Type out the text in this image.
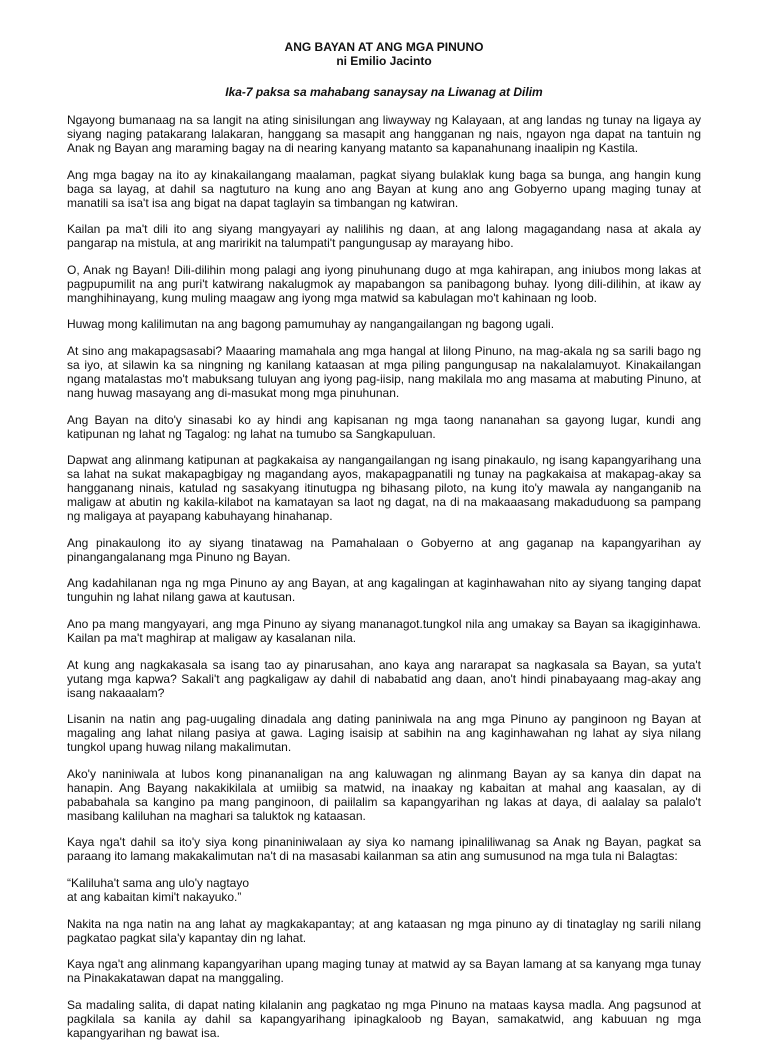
ANG BAYAN AT ANG MGA PINUNO

ni Emilio Jacinto

Ika-7 paksa sa mahabang sanaysay na Liwanag at Dilim

Ngayong bumanaag na sa langit na ating sinisilungan ang liwayway ng Kalayaan, at ang landas ng tunay na ligaya ay siyang naging patakarang lalakaran, hanggang sa masapit ang hangganan ng nais, ngayon nga dapat na tantuin ng Anak ng Bayan ang maraming bagay na di nearing kanyang matanto sa kapanahunang inaalipin ng Kastila.

Ang mga bagay na ito ay kinakailangang maalaman, pagkat siyang bulaklak kung baga sa bunga, ang hangin kung baga sa layag, at dahil sa nagtuturo na kung ano ang Bayan at kung ano ang Gobyerno upang maging tunay at manatili sa isa't isa ang bigat na dapat taglayin sa timbangan ng katwiran.

Kailan pa ma't dili ito ang siyang mangyayari ay nalilihis ng daan, at ang lalong magagandang nasa at akala ay pangarap na mistula, at ang maririkit na talumpati't pangungusap ay marayang hibo.

O, Anak ng Bayan! Dili-dilihin mong palagi ang iyong pinuhunang dugo at mga kahirapan, ang iniubos mong lakas at pagpupumilit na ang puri't katwirang nakalugmok ay mapabangon sa panibagong buhay. Iyong dili-dilihin, at ikaw ay manghihinayang, kung muling maagaw ang iyong mga matwid sa kabulagan mo't kahinaan ng loob.

Huwag mong kalilimutan na ang bagong pamumuhay ay nangangailangan ng bagong ugali.

At sino ang makapagsasabi? Maaaring mamahala ang mga hangal at lilong Pinuno, na mag-akala ng sa sarili bago ng sa iyo, at silawin ka sa ningning ng kanilang kataasan at mga piling pangungusap na nakalalamuyot. Kinakailangan ngang matalastas mo't mabuksang tuluyan ang iyong pag-iisip, nang makilala mo ang masama at mabuting Pinuno, at nang huwag masayang ang di-masukat mong mga pinuhunan.

Ang Bayan na dito'y sinasabi ko ay hindi ang kapisanan ng mga taong nananahan sa gayong lugar, kundi ang katipunan ng lahat ng Tagalog: ng lahat na tumubo sa Sangkapuluan.

Dapwat ang alinmang katipunan at pagkakaisa ay nangangailangan ng isang pinakaulo, ng isang kapangyarihang una sa lahat na sukat makapagbigay ng magandang ayos, makapagpanatili ng tunay na pagkakaisa at makapag-akay sa hangganang ninais, katulad ng sasakyang itinutugpa ng bihasang piloto, na kung ito'y mawala ay nanganganib na maligaw at abutin ng kakila-kilabot na kamatayan sa laot ng dagat, na di na makaaasang makaduduong sa pampang ng maligaya at payapang kabuhayang hinahanap.

Ang pinakaulong ito ay siyang tinatawag na Pamahalaan o Gobyerno at ang gaganap na kapangyarihan ay pinangangalanang mga Pinuno ng Bayan.

Ang kadahilanan nga ng mga Pinuno ay ang Bayan, at ang kagalingan at kaginhawahan nito ay siyang tanging dapat tunguhin ng lahat nilang gawa at kautusan.

Ano pa mang mangyayari, ang mga Pinuno ay siyang mananagot.tungkol nila ang umakay sa Bayan sa ikagiginhawa. Kailan pa ma't maghirap at maligaw ay kasalanan nila.

At kung ang nagkakasala sa isang tao ay pinarusahan, ano kaya ang nararapat sa nagkasala sa Bayan, sa yuta't yutang mga kapwa? Sakali't ang pagkaligaw ay dahil di nababatid ang daan, ano't hindi pinabayaang mag-akay ang isang nakaaalam?

Lisanin na natin ang pag-uugaling dinadala ang dating paniniwala na ang mga Pinuno ay panginoon ng Bayan at magaling ang lahat nilang pasiya at gawa. Laging isaisip at sabihin na ang kaginhawahan ng lahat ay siya nilang tungkol upang huwag nilang makalimutan.

Ako'y naniniwala at lubos kong pinananaligan na ang kaluwagan ng alinmang Bayan ay sa kanya din dapat na hanapin. Ang Bayang nakakikilala at umiibig sa matwid, na inaakay ng kabaitan at mahal ang kaasalan, ay di pababahala sa kangino pa mang panginoon, di paiilalim sa kapangyarihan ng lakas at daya, di aalalay sa palalo't masibang kaliluhan na maghari sa taluktok ng kataasan.

Kaya nga't dahil sa ito'y siya kong pinaniniwalaan ay siya ko namang ipinaliliwanag sa Anak ng Bayan, pagkat sa paraang ito lamang makakalimutan na't di na masasabi kailanman sa atin ang sumusunod na mga tula ni Balagtas:

“Kaliluha't sama ang ulo'y nagtayo
at ang kabaitan kimi't nakayuko.”

Nakita na nga natin na ang lahat ay magkakapantay; at ang kataasan ng mga pinuno ay di tinataglay ng sarili nilang pagkatao pagkat sila'y kapantay din ng lahat.

Kaya nga't ang alinmang kapangyarihan upang maging tunay at matwid ay sa Bayan lamang at sa kanyang mga tunay na Pinakakatawan dapat na manggaling.

Sa madaling salita, di dapat nating kilalanin ang pagkatao ng mga Pinuno na mataas kaysa madla. Ang pagsunod at pagkilala sa kanila ay dahil sa kapangyarihang ipinagkaloob ng Bayan, samakatwid, ang kabuuan ng mga kapangyarihan ng bawat isa.
